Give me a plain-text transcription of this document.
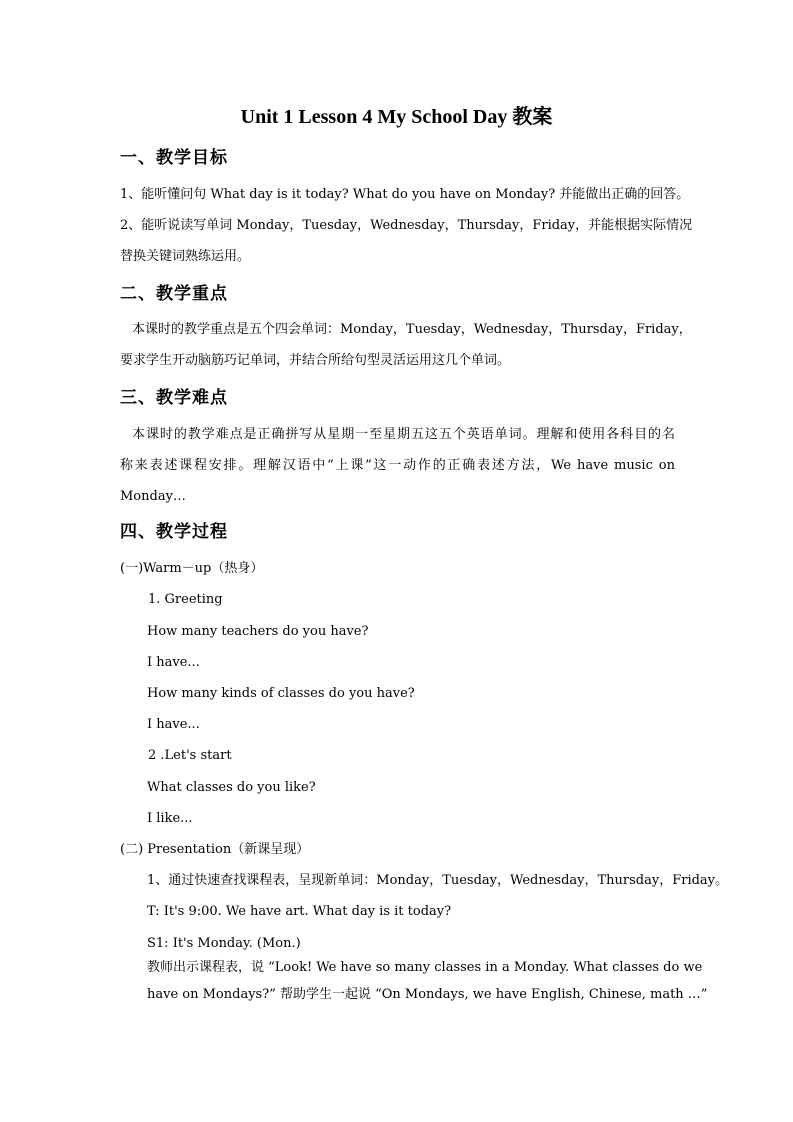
Unit 1 Lesson 4 My School Day 教案
一、教学目标
1、能听懂问句 What day is it today? What do you have on Monday? 并能做出正确的回答。
2、能听说读写单词 Monday，Tuesday，Wednesday，Thursday，Friday，并能根据实际情况
替换关键词熟练运用。
二、教学重点
本课时的教学重点是五个四会单词：Monday，Tuesday，Wednesday，Thursday，Friday，
要求学生开动脑筋巧记单词，并结合所给句型灵活运用这几个单词。
三、教学难点
本课时的教学难点是正确拼写从星期一至星期五这五个英语单词。理解和使用各科目的名
称来表述课程安排。理解汉语中“上课”这一动作的正确表述方法，We have music on
Monday…
四、教学过程
(一)Warm－up（热身）
1. Greeting
How many teachers do you have?
I have...
How many kinds of classes do you have?
I have...
2 .Let's start
What classes do you like?
I like...
(二) Presentation（新课呈现）
1、通过快速查找课程表，呈现新单词：Monday，Tuesday，Wednesday，Thursday，Friday。
T: It's 9:00. We have art. What day is it today?
S1: It's Monday. (Mon.)
教师出示课程表，说 “Look! We have so many classes in a Monday. What classes do we
have on Mondays?” 帮助学生一起说 “On Mondays, we have English, Chinese, math …”
